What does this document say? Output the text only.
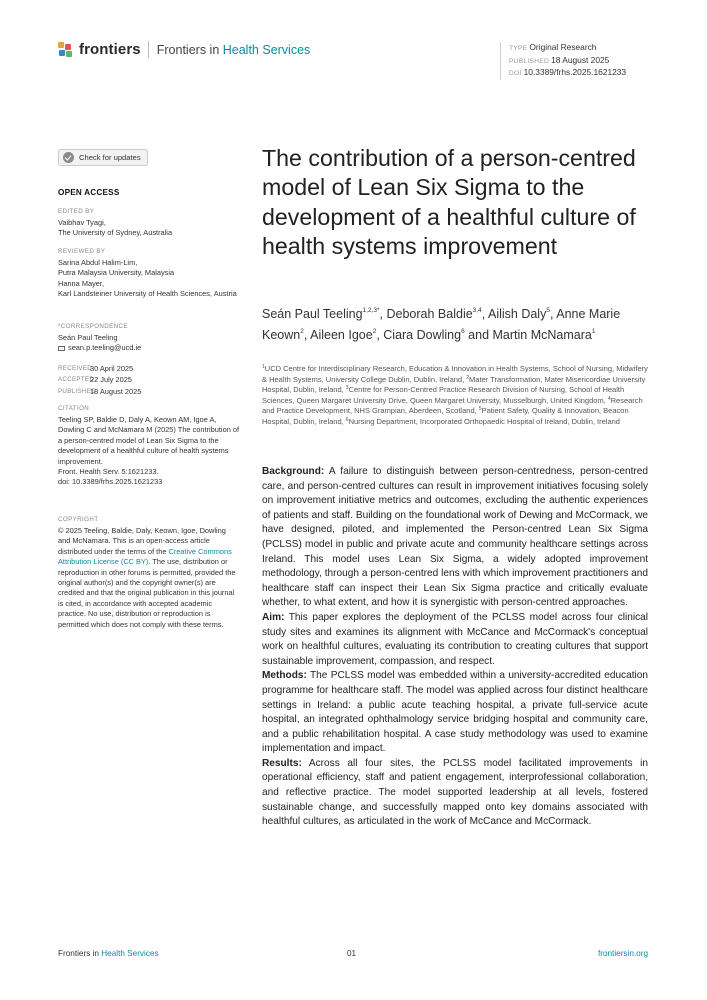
frontiers Frontiers in Health Services	TYPE Original Research
PUBLISHED 18 August 2025
DOI 10.3389/frhs.2025.1621233
Check for updates
OPEN ACCESS
EDITED BY
Vaibhav Tyagi,
The University of Sydney, Australia
REVIEWED BY
Sarina Abdul Halim-Lim,
Putra Malaysia University, Malaysia
Hanna Mayer,
Karl Landsteiner University of Health Sciences, Austria
*CORRESPONDENCE
Seán Paul Teeling
sean.p.teeling@ucd.ie
RECEIVED
30 April 2025
ACCEPTED
22 July 2025
PUBLISHED
18 August 2025
CITATION
Teeling SP, Baldie D, Daly A, Keown AM, Igoe A, Dowling C and McNamara M (2025) The contribution of a person-centred model of Lean Six Sigma to the development of a healthful culture of health systems improvement.
Front. Health Serv. 5:1621233.
doi: 10.3389/frhs.2025.1621233
COPYRIGHT
© 2025 Teeling, Baldie, Daly, Keown, Igoe, Dowling and McNamara. This is an open-access article distributed under the terms of the Creative Commons Attribution License (CC BY). The use, distribution or reproduction in other forums is permitted, provided the original author(s) and the copyright owner(s) are credited and that the original publication in this journal is cited, in accordance with accepted academic practice. No use, distribution or reproduction is permitted which does not comply with these terms.
The contribution of a person-centred model of Lean Six Sigma to the development of a healthful culture of health systems improvement
Seán Paul Teeling$^{1,2,3*}$, Deborah Baldie$^{3,4}$, Ailish Daly$^5$, Anne Marie Keown$^2$, Aileen Igoe$^2$, Ciara Dowling$^6$ and Martin McNamara$^1$
$^1$UCD Centre for Interdisciplinary Research, Education & Innovation in Health Systems, School of Nursing, Midwifery & Health Systems, University College Dublin, Dublin, Ireland, $^2$Mater Transformation, Mater Misericordiae University Hospital, Dublin, Ireland, $^3$Centre for Person-Centred Practice Research Division of Nursing, School of Health Sciences, Queen Margaret University Drive, Queen Margaret University, Musselburgh, United Kingdom, $^4$Research and Practice Development, NHS Grampian, Aberdeen, Scotland, $^5$Patient Safety, Quality & Innovation, Beacon Hospital, Dublin, Ireland, $^6$Nursing Department, Incorporated Orthopaedic Hospital of Ireland, Dublin, Ireland

Background: A failure to distinguish between person-centredness, person-centred care, and person-centred cultures can result in improvement initiatives focusing solely on improvement initiative metrics and outcomes, excluding the authentic experiences of patients and staff. Building on the foundational work of Dewing and McCormack, we have designed, piloted, and implemented the Person-centred Lean Six Sigma (PCLSS) model in public and private acute and community healthcare settings across Ireland. This model uses Lean Six Sigma, a widely adopted improvement methodology, through a person-centred lens with which improvement practitioners and healthcare staff can inspect their Lean Six Sigma practice and critically evaluate whether, to what extent, and how it is synergistic with person-centred approaches.

Aim: This paper explores the deployment of the PCLSS model across four clinical study sites and examines its alignment with McCance and McCormack's conceptual work on healthful cultures, evaluating its contribution to creating cultures that support sustainable improvement, compassion, and respect.

Methods: The PCLSS model was embedded within a university-accredited education programme for healthcare staff. The model was applied across four distinct healthcare settings in Ireland: a public acute teaching hospital, a private full-service acute hospital, an integrated ophthalmology service bridging hospital and community care, and a public rehabilitation hospital. A case study methodology was used to examine implementation and impact.

Results: Across all four sites, the PCLSS model facilitated improvements in operational efficiency, staff and patient engagement, interprofessional collaboration, and reflective practice. The model supported leadership at all levels, fostered sustainable change, and successfully mapped onto key domains associated with healthful cultures, as articulated in the work of McCance and McCormack.

Frontiers in Health Services	01	frontiersin.org
